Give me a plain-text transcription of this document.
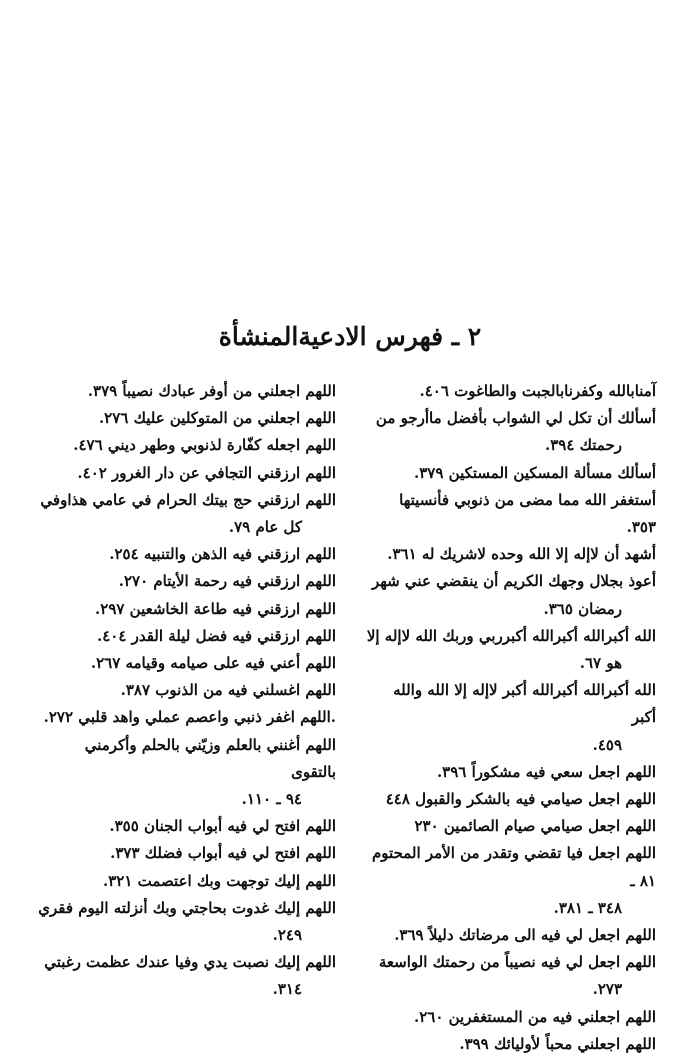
٢ ـ فهرس الادعيةالمنشأة
آمنابالله وكفرنابالجبت والطاغوت ٤٠٦.
أسألك أن تكل لي الشواب بأفضل ماأرجو من
رحمتك ٣٩٤.
أسألك مسألة المسكين المستكين ٣٧٩.
أستغفر الله مما مضى من ذنوبي فأنسيتها ٣٥٣.
أشهد أن لاإله إلا الله وحده لاشريك له ٣٦١.
أعوذ بجلال وجهك الكريم أن ينقضي عني شهر
رمضان ٣٦٥.
الله أكبرالله أكبرالله أكبرربي وربك الله لاإله إلا
هو ٦٧.
الله أكبرالله أكبرالله أكبر لاإله إلا الله والله أكبر
٤٥٩.
اللهم اجعل سعي فيه مشكوراً ٣٩٦.
اللهم اجعل صيامي فيه بالشكر والقبول ٤٤٨
اللهم اجعل صيامي صيام الصائمين ٢٣٠
اللهم اجعل فيا تقضي وتقدر من الأمر المحتوم ٨١ ـ
٣٤٨ ـ ٣٨١.
اللهم اجعل لي فيه الى مرضاتك دليلاً ٣٦٩.
اللهم اجعل لي فيه نصيباً من رحمتك الواسعة
٢٧٣.
اللهم اجعلني فيه من المستغفرين ٢٦٠.
اللهم اجعلني محباً لأوليائك ٣٩٩.
اللهم اجعلني من أوفر عبادك نصيباً ٣٧٩.
اللهم اجعلني من المتوكلين عليك ٢٧٦.
اللهم اجعله كفّارة لذنوبي وطهر ديني ٤٧٦.
اللهم ارزقني التجافي عن دار الغرور ٤٠٢.
اللهم ارزقني حج بيتك الحرام في عامي هذاوفي
كل عام ٧٩.
اللهم ارزقني فيه الذهن والتنبيه ٢٥٤.
اللهم ارزقني فيه رحمة الأيتام ٢٧٠.
اللهم ارزقني فيه طاعة الخاشعين ٢٩٧.
اللهم ارزقني فيه فضل ليلة القدر ٤٠٤.
اللهم أعني فيه على صيامه وقيامه ٢٦٧.
اللهم اغسلني فيه من الذنوب ٣٨٧.
.اللهم اغفر ذنبي واعصم عملي واهد قلبي ٢٧٢.
اللهم أغنني بالعلم وزيّني بالحلم وأكرمني بالتقوى
٩٤ ـ ١١٠.
اللهم افتح لي فيه أبواب الجنان ٣٥٥.
اللهم افتح لي فيه أبواب فضلك ٣٧٣.
اللهم إليك توجهت وبك اعتصمت ٣٢١.
اللهم إليك غدوت بحاجتي وبك أنزلته اليوم فقري
٢٤٩.
اللهم إليك نصبت يدي وفيا عندك عظمت رغبتي
٣١٤.
